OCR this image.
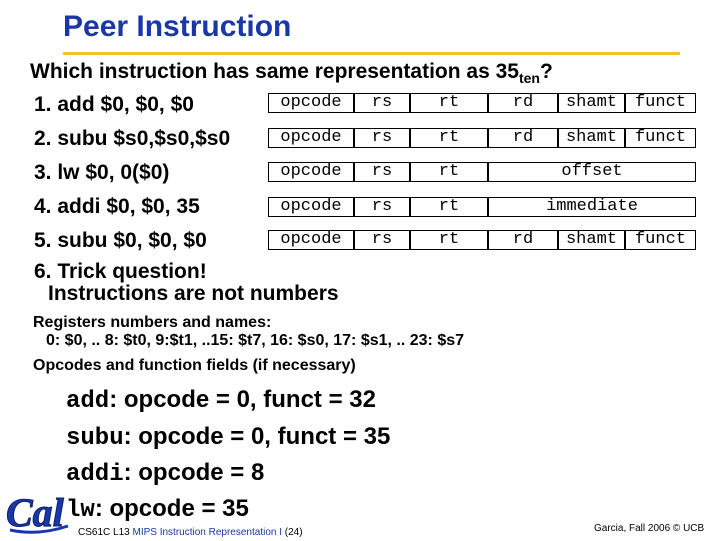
Peer Instruction
Which instruction has same representation as $35_{ten}$?
1. add $0, $0, $0
2. subu $s0,$s0,$s0
3. lw $0, 0($0)
4. addi $0, $0, 35
5. subu $0, $0, $0
6. Trick question!
Instructions are not numbers
opcode	rs	rt	rd	shamt	funct
opcode	rs	rt	rd	shamt	funct
opcode	rs	rt	offset
opcode	rs	rt	immediate
opcode	rs	rt	rd	shamt	funct
Registers numbers and names:
0: $0, .. 8: $t0, 9:$t1, ..15: $t7, 16: $s0, 17: $s1, .. 23: $s7
Opcodes and function fields (if necessary)
add: opcode = 0, funct = 32
subu: opcode = 0, funct = 35
addi: opcode = 8
lw: opcode = 35
Cal CS61C L13 MIPS Instruction Representation I (24)	Garcia, Fall 2006 © UCB
